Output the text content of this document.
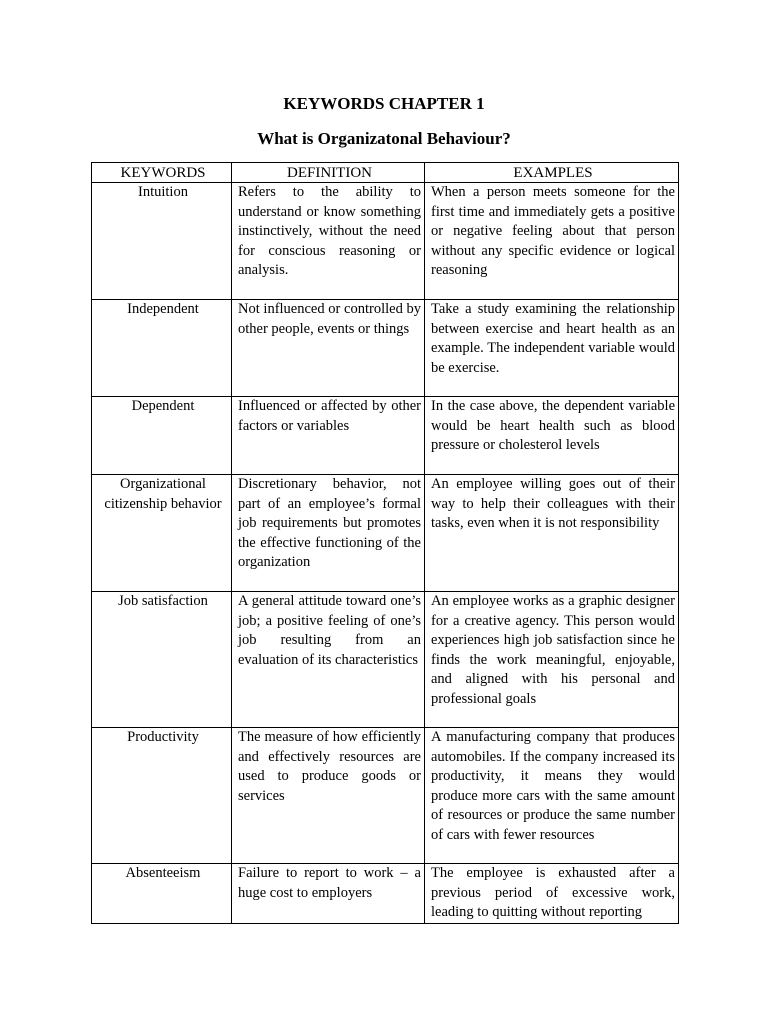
KEYWORDS CHAPTER 1
What is Organizatonal Behaviour?
KEYWORDS	DEFINITION	EXAMPLES
Intuition	Refers to the ability to understand or know something instinctively, without the need for conscious reasoning or analysis.	When a person meets someone for the first time and immediately gets a positive or negative feeling about that person without any specific evidence or logical reasoning
Independent	Not influenced or controlled by other people, events or things	Take a study examining the relationship between exercise and heart health as an example. The independent variable would be exercise.
Dependent	Influenced or affected by other factors or variables	In the case above, the dependent variable would be heart health such as blood pressure or cholesterol levels
Organizational citizenship behavior	Discretionary behavior, not part of an employee’s formal job requirements but promotes the effective functioning of the organization	An employee willing goes out of their way to help their colleagues with their tasks, even when it is not responsibility
Job satisfaction	A general attitude toward one’s job; a positive feeling of one’s job resulting from an evaluation of its characteristics	An employee works as a graphic designer for a creative agency. This person would experiences high job satisfaction since he finds the work meaningful, enjoyable, and aligned with his personal and professional goals
Productivity	The measure of how efficiently and effectively resources are used to produce goods or services	A manufacturing company that produces automobiles. If the company increased its productivity, it means they would produce more cars with the same amount of resources or produce the same number of cars with fewer resources
Absenteeism	Failure to report to work – a huge cost to employers	The employee is exhausted after a previous period of excessive work, leading to quitting without reporting
